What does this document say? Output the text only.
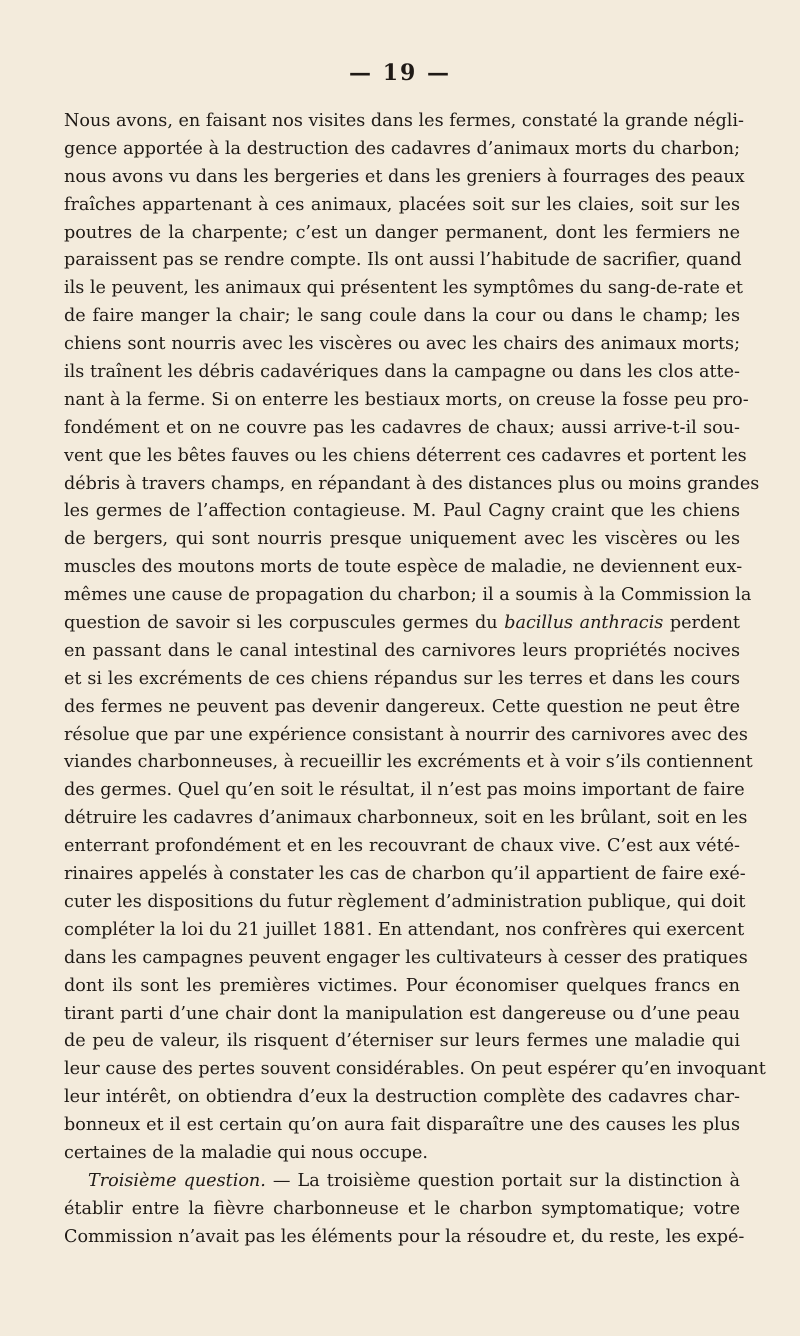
— 19 —
Nous avons, en faisant nos visites dans les fermes, constaté la grande négli-
gence apportée à la destruction des cadavres d’animaux morts du charbon;
nous avons vu dans les bergeries et dans les greniers à fourrages des peaux
fraîches appartenant à ces animaux, placées soit sur les claies, soit sur les
poutres de la charpente; c’est un danger permanent, dont les fermiers ne
paraissent pas se rendre compte. Ils ont aussi l’habitude de sacrifier, quand
ils le peuvent, les animaux qui présentent les symptômes du sang-de-rate et
de faire manger la chair; le sang coule dans la cour ou dans le champ; les
chiens sont nourris avec les viscères ou avec les chairs des animaux morts;
ils traînent les débris cadavériques dans la campagne ou dans les clos atte-
nant à la ferme. Si on enterre les bestiaux morts, on creuse la fosse peu pro-
fondément et on ne couvre pas les cadavres de chaux; aussi arrive-t-il sou-
vent que les bêtes fauves ou les chiens déterrent ces cadavres et portent les
débris à travers champs, en répandant à des distances plus ou moins grandes
les germes de l’affection contagieuse. M. Paul Cagny craint que les chiens
de bergers, qui sont nourris presque uniquement avec les viscères ou les
muscles des moutons morts de toute espèce de maladie, ne deviennent eux-
mêmes une cause de propagation du charbon; il a soumis à la Commission la
question de savoir si les corpuscules germes du bacillus anthracis perdent
en passant dans le canal intestinal des carnivores leurs propriétés nocives
et si les excréments de ces chiens répandus sur les terres et dans les cours
des fermes ne peuvent pas devenir dangereux. Cette question ne peut être
résolue que par une expérience consistant à nourrir des carnivores avec des
viandes charbonneuses, à recueillir les excréments et à voir s’ils contiennent
des germes. Quel qu’en soit le résultat, il n’est pas moins important de faire
détruire les cadavres d’animaux charbonneux, soit en les brûlant, soit en les
enterrant profondément et en les recouvrant de chaux vive. C’est aux vété-
rinaires appelés à constater les cas de charbon qu’il appartient de faire exé-
cuter les dispositions du futur règlement d’administration publique, qui doit
compléter la loi du 21 juillet 1881. En attendant, nos confrères qui exercent
dans les campagnes peuvent engager les cultivateurs à cesser des pratiques
dont ils sont les premières victimes. Pour économiser quelques francs en
tirant parti d’une chair dont la manipulation est dangereuse ou d’une peau
de peu de valeur, ils risquent d’éterniser sur leurs fermes une maladie qui
leur cause des pertes souvent considérables. On peut espérer qu’en invoquant
leur intérêt, on obtiendra d’eux la destruction complète des cadavres char-
bonneux et il est certain qu’on aura fait disparaître une des causes les plus
certaines de la maladie qui nous occupe.
Troisième question. — La troisième question portait sur la distinction à
établir entre la fièvre charbonneuse et le charbon symptomatique; votre
Commission n’avait pas les éléments pour la résoudre et, du reste, les expé-
